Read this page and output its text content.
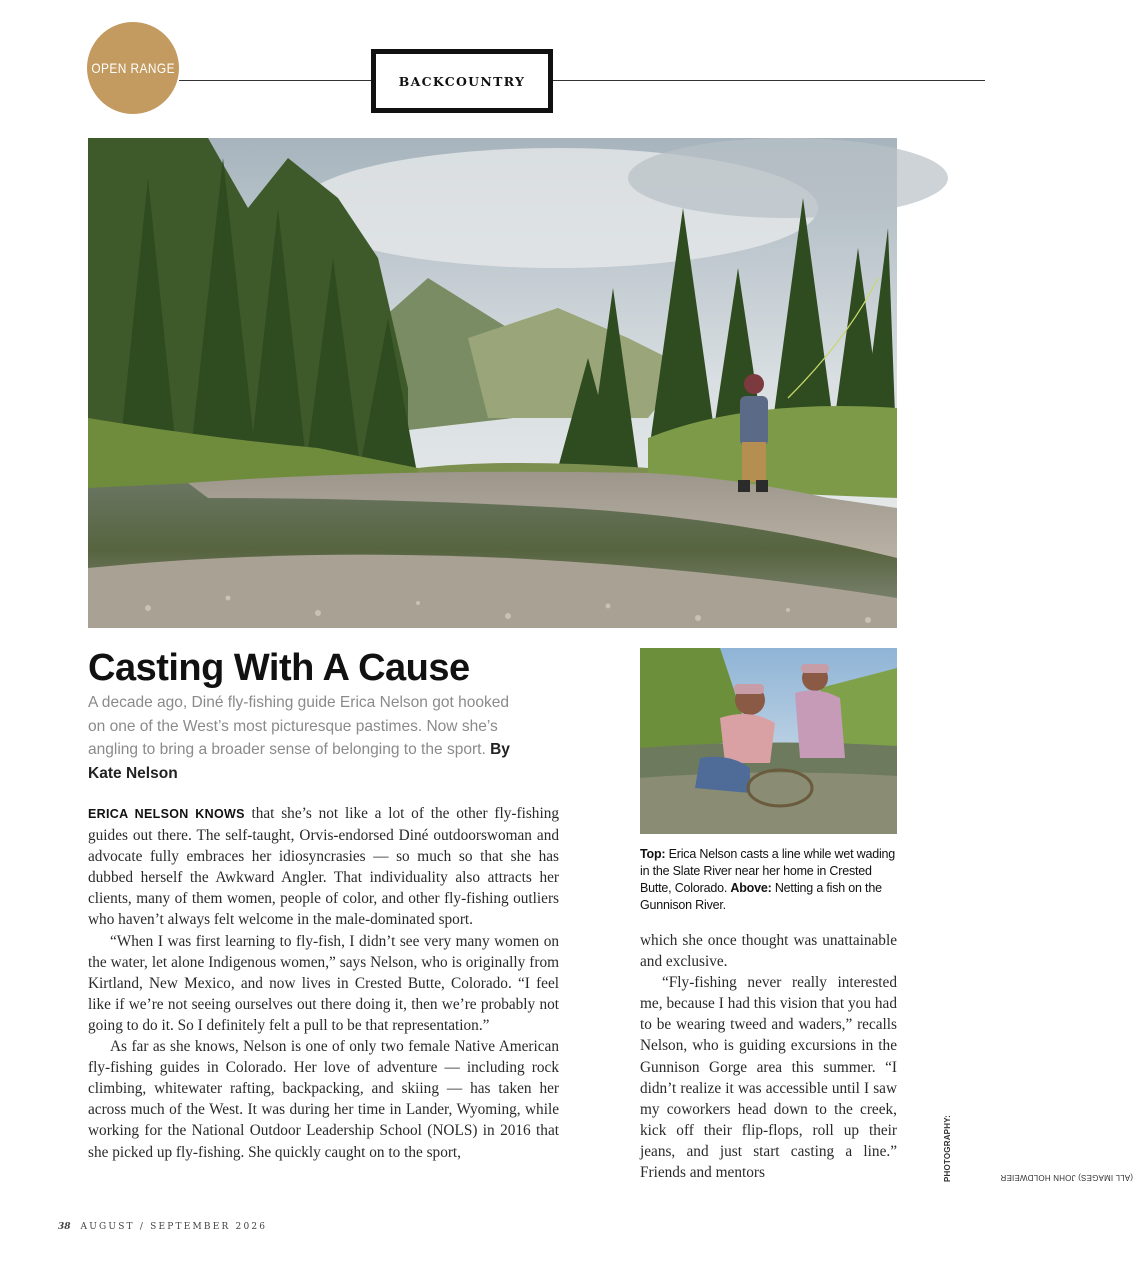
OPEN RANGE
BACKCOUNTRY
Casting With A Cause

A decade ago, Diné fly-fishing guide Erica Nelson got hooked on one of the West’s most picturesque pastimes. Now she’s angling to bring a broader sense of belonging to the sport. By Kate Nelson

ERICA NELSON KNOWS that she’s not like a lot of the other fly-fishing guides out there. The self-taught, Orvis-endorsed Diné outdoorswoman and advocate fully embraces her idiosyncrasies — so much so that she has dubbed herself the Awkward Angler. That individuality also attracts her clients, many of them women, people of color, and other fly-fishing outliers who haven’t always felt welcome in the male-dominated sport.

“When I was first learning to fly-fish, I didn’t see very many women on the water, let alone Indigenous women,” says Nelson, who is originally from Kirtland, New Mexico, and now lives in Crested Butte, Colorado. “I feel like if we’re not seeing ourselves out there doing it, then we’re probably not going to do it. So I definitely felt a pull to be that representation.”

As far as she knows, Nelson is one of only two female Native American fly-fishing guides in Colorado. Her love of adventure — including rock climbing, whitewater rafting, backpacking, and skiing — has taken her across much of the West. It was during her time in Lander, Wyoming, while working for the National Outdoor Leadership School (NOLS) in 2016 that she picked up fly-fishing. She quickly caught on to the sport,

Top: Erica Nelson casts a line while wet wading in the Slate River near her home in Crested Butte, Colorado. Above: Netting a fish on the Gunnison River.

which she once thought was unattainable and exclusive.

“Fly-fishing never really interested me, because I had this vision that you had to be wearing tweed and waders,” recalls Nelson, who is guiding excursions in the Gunnison Gorge area this summer. “I didn’t realize it was accessible until I saw my coworkers head down to the creek, kick off their flip-flops, roll up their jeans, and just start casting a line.” Friends and mentors	PHOTOGRAPHY:	(ALL IMAGES) JOHN HOLDWEIER
38 AUGUST / SEPTEMBER 2026
